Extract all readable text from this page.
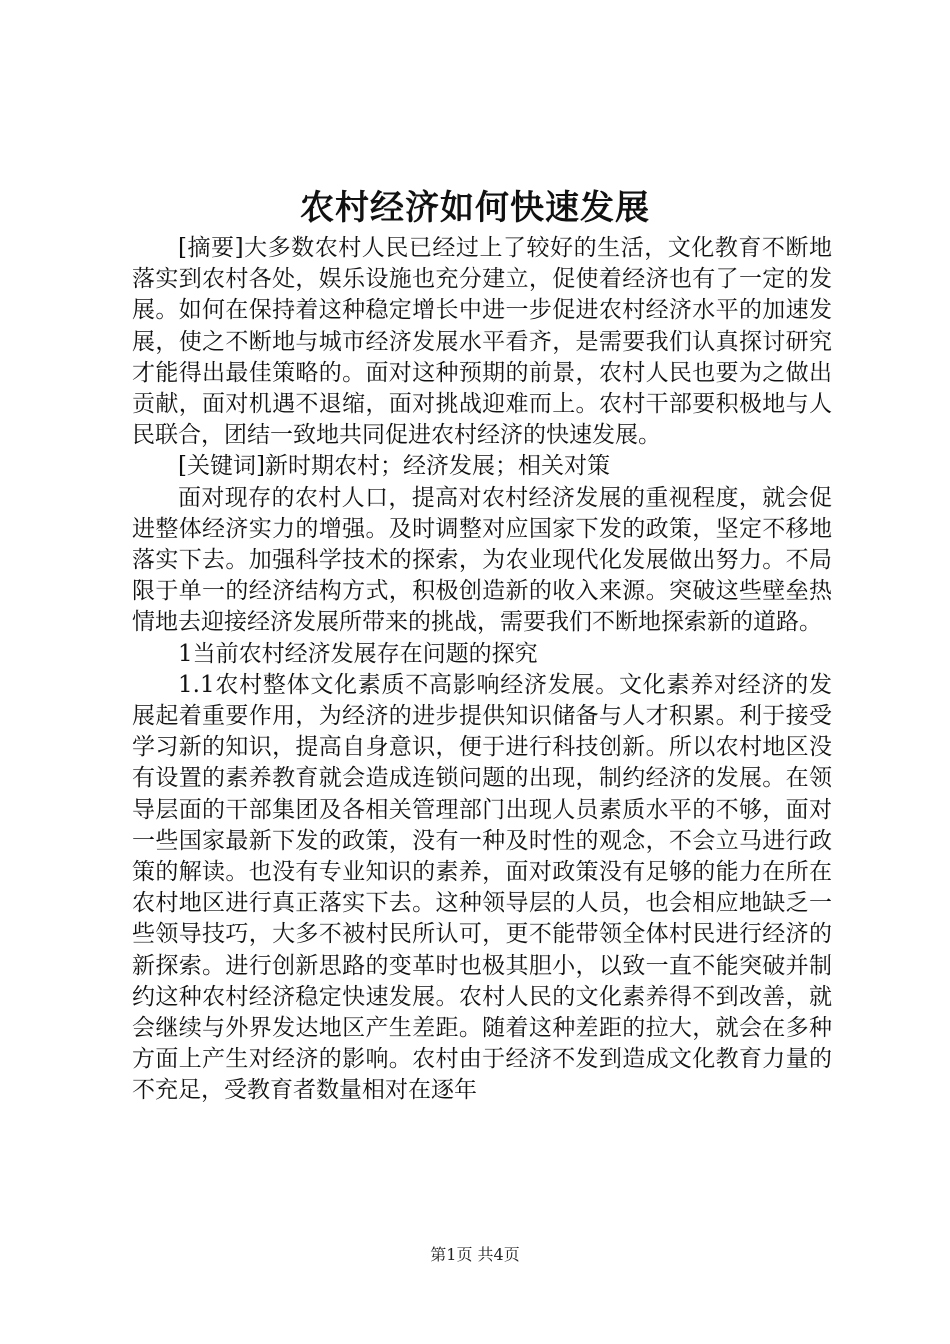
农村经济如何快速发展

[摘要]大多数农村人民已经过上了较好的生活，文化教育不断地落实到农村各处，娱乐设施也充分建立，促使着经济也有了一定的发展。如何在保持着这种稳定增长中进一步促进农村经济水平的加速发展，使之不断地与城市经济发展水平看齐，是需要我们认真探讨研究才能得出最佳策略的。面对这种预期的前景，农村人民也要为之做出贡献，面对机遇不退缩，面对挑战迎难而上。农村干部要积极地与人民联合，团结一致地共同促进农村经济的快速发展。

[关键词]新时期农村；经济发展；相关对策

面对现存的农村人口，提高对农村经济发展的重视程度，就会促进整体经济实力的增强。及时调整对应国家下发的政策，坚定不移地落实下去。加强科学技术的探索，为农业现代化发展做出努力。不局限于单一的经济结构方式，积极创造新的收入来源。突破这些壁垒热情地去迎接经济发展所带来的挑战，需要我们不断地探索新的道路。

1当前农村经济发展存在问题的探究

1.1农村整体文化素质不高影响经济发展。文化素养对经济的发展起着重要作用，为经济的进步提供知识储备与人才积累。利于接受学习新的知识，提高自身意识，便于进行科技创新。所以农村地区没有设置的素养教育就会造成连锁问题的出现，制约经济的发展。在领导层面的干部集团及各相关管理部门出现人员素质水平的不够，面对一些国家最新下发的政策，没有一种及时性的观念，不会立马进行政策的解读。也没有专业知识的素养，面对政策没有足够的能力在所在农村地区进行真正落实下去。这种领导层的人员，也会相应地缺乏一些领导技巧，大多不被村民所认可，更不能带领全体村民进行经济的新探索。进行创新思路的变革时也极其胆小，以致一直不能突破并制约这种农村经济稳定快速发展。农村人民的文化素养得不到改善，就会继续与外界发达地区产生差距。随着这种差距的拉大，就会在多种方面上产生对经济的影响。农村由于经济不发到造成文化教育力量的不充足，受教育者数量相对在逐年

第1页 共4页
